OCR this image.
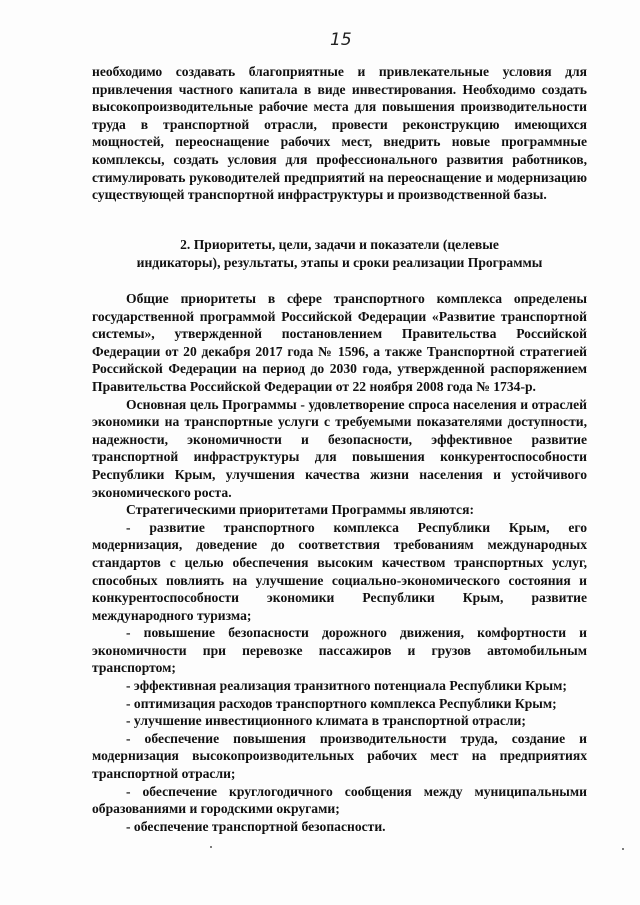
15

необходимо создавать благоприятные и привлекательные условия для привлечения частного капитала в виде инвестирования. Необходимо создать высокопроизводительные рабочие места для повышения производительности труда в транспортной отрасли, провести реконструкцию имеющихся мощностей, переоснащение рабочих мест, внедрить новые программные комплексы, создать условия для профессионального развития работников, стимулировать руководителей предприятий на переоснащение и модернизацию существующей транспортной инфраструктуры и производственной базы.

2. Приоритеты, цели, задачи и показатели (целевые
индикаторы), результаты, этапы и сроки реализации Программы

Общие приоритеты в сфере транспортного комплекса определены государственной программой Российской Федерации «Развитие транспортной системы», утвержденной постановлением Правительства Российской Федерации от 20 декабря 2017 года № 1596, а также Транспортной стратегией Российской Федерации на период до 2030 года, утвержденной распоряжением Правительства Российской Федерации от 22 ноября 2008 года № 1734-р.

Основная цель Программы - удовлетворение спроса населения и отраслей экономики на транспортные услуги с требуемыми показателями доступности, надежности, экономичности и безопасности, эффективное развитие транспортной инфраструктуры для повышения конкурентоспособности Республики Крым, улучшения качества жизни населения и устойчивого экономического роста.

Стратегическими приоритетами Программы являются:

- развитие транспортного комплекса Республики Крым, его модернизация, доведение до соответствия требованиям международных стандартов с целью обеспечения высоким качеством транспортных услуг, способных повлиять на улучшение социально-экономического состояния и конкурентоспособности экономики Республики Крым, развитие международного туризма;

- повышение безопасности дорожного движения, комфортности и экономичности при перевозке пассажиров и грузов автомобильным транспортом;

- эффективная реализация транзитного потенциала Республики Крым;

- оптимизация расходов транспортного комплекса Республики Крым;

- улучшение инвестиционного климата в транспортной отрасли;

- обеспечение повышения производительности труда, создание и модернизация высокопроизводительных рабочих мест на предприятиях транспортной отрасли;

- обеспечение круглогодичного сообщения между муниципальными образованиями и городскими округами;

- обеспечение транспортной безопасности.
